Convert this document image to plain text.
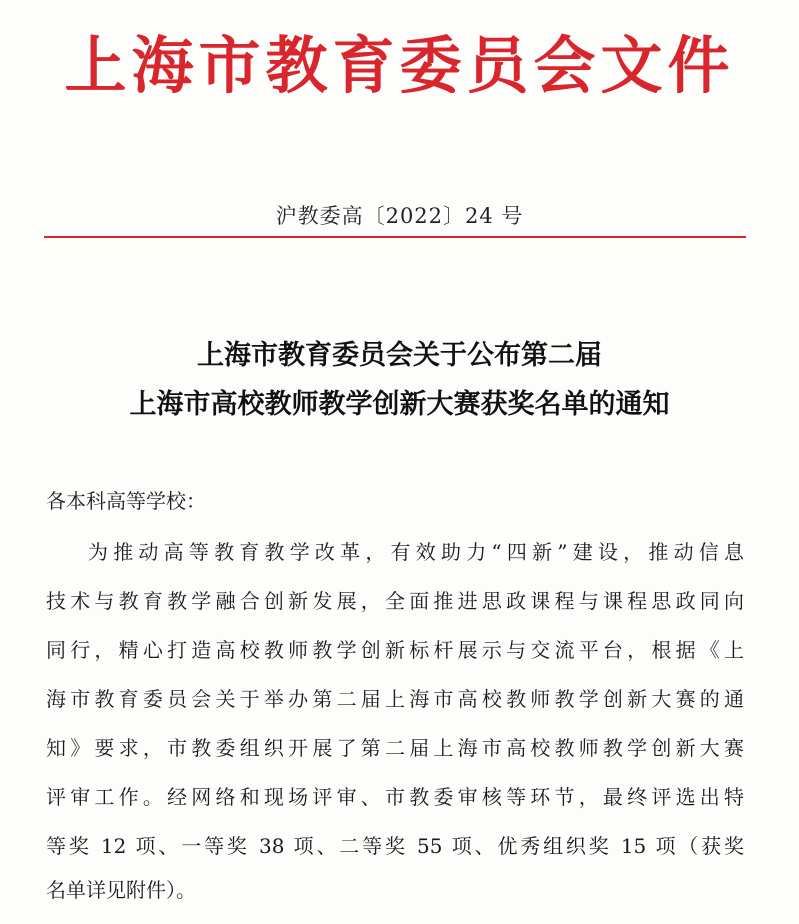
上海市教育委员会文件
沪教委高〔2022〕24 号
上海市教育委员会关于公布第二届
上海市高校教师教学创新大赛获奖名单的通知
各本科高等学校：
为推动高等教育教学改革，有效助力“四新”建设，推动信息
技术与教育教学融合创新发展，全面推进思政课程与课程思政同向
同行，精心打造高校教师教学创新标杆展示与交流平台，根据《上
海市教育委员会关于举办第二届上海市高校教师教学创新大赛的通
知》要求，市教委组织开展了第二届上海市高校教师教学创新大赛
评审工作。经网络和现场评审、市教委审核等环节，最终评选出特
等奖 12 项、一等奖 38 项、二等奖 55 项、优秀组织奖 15 项（获奖
名单详见附件）。
